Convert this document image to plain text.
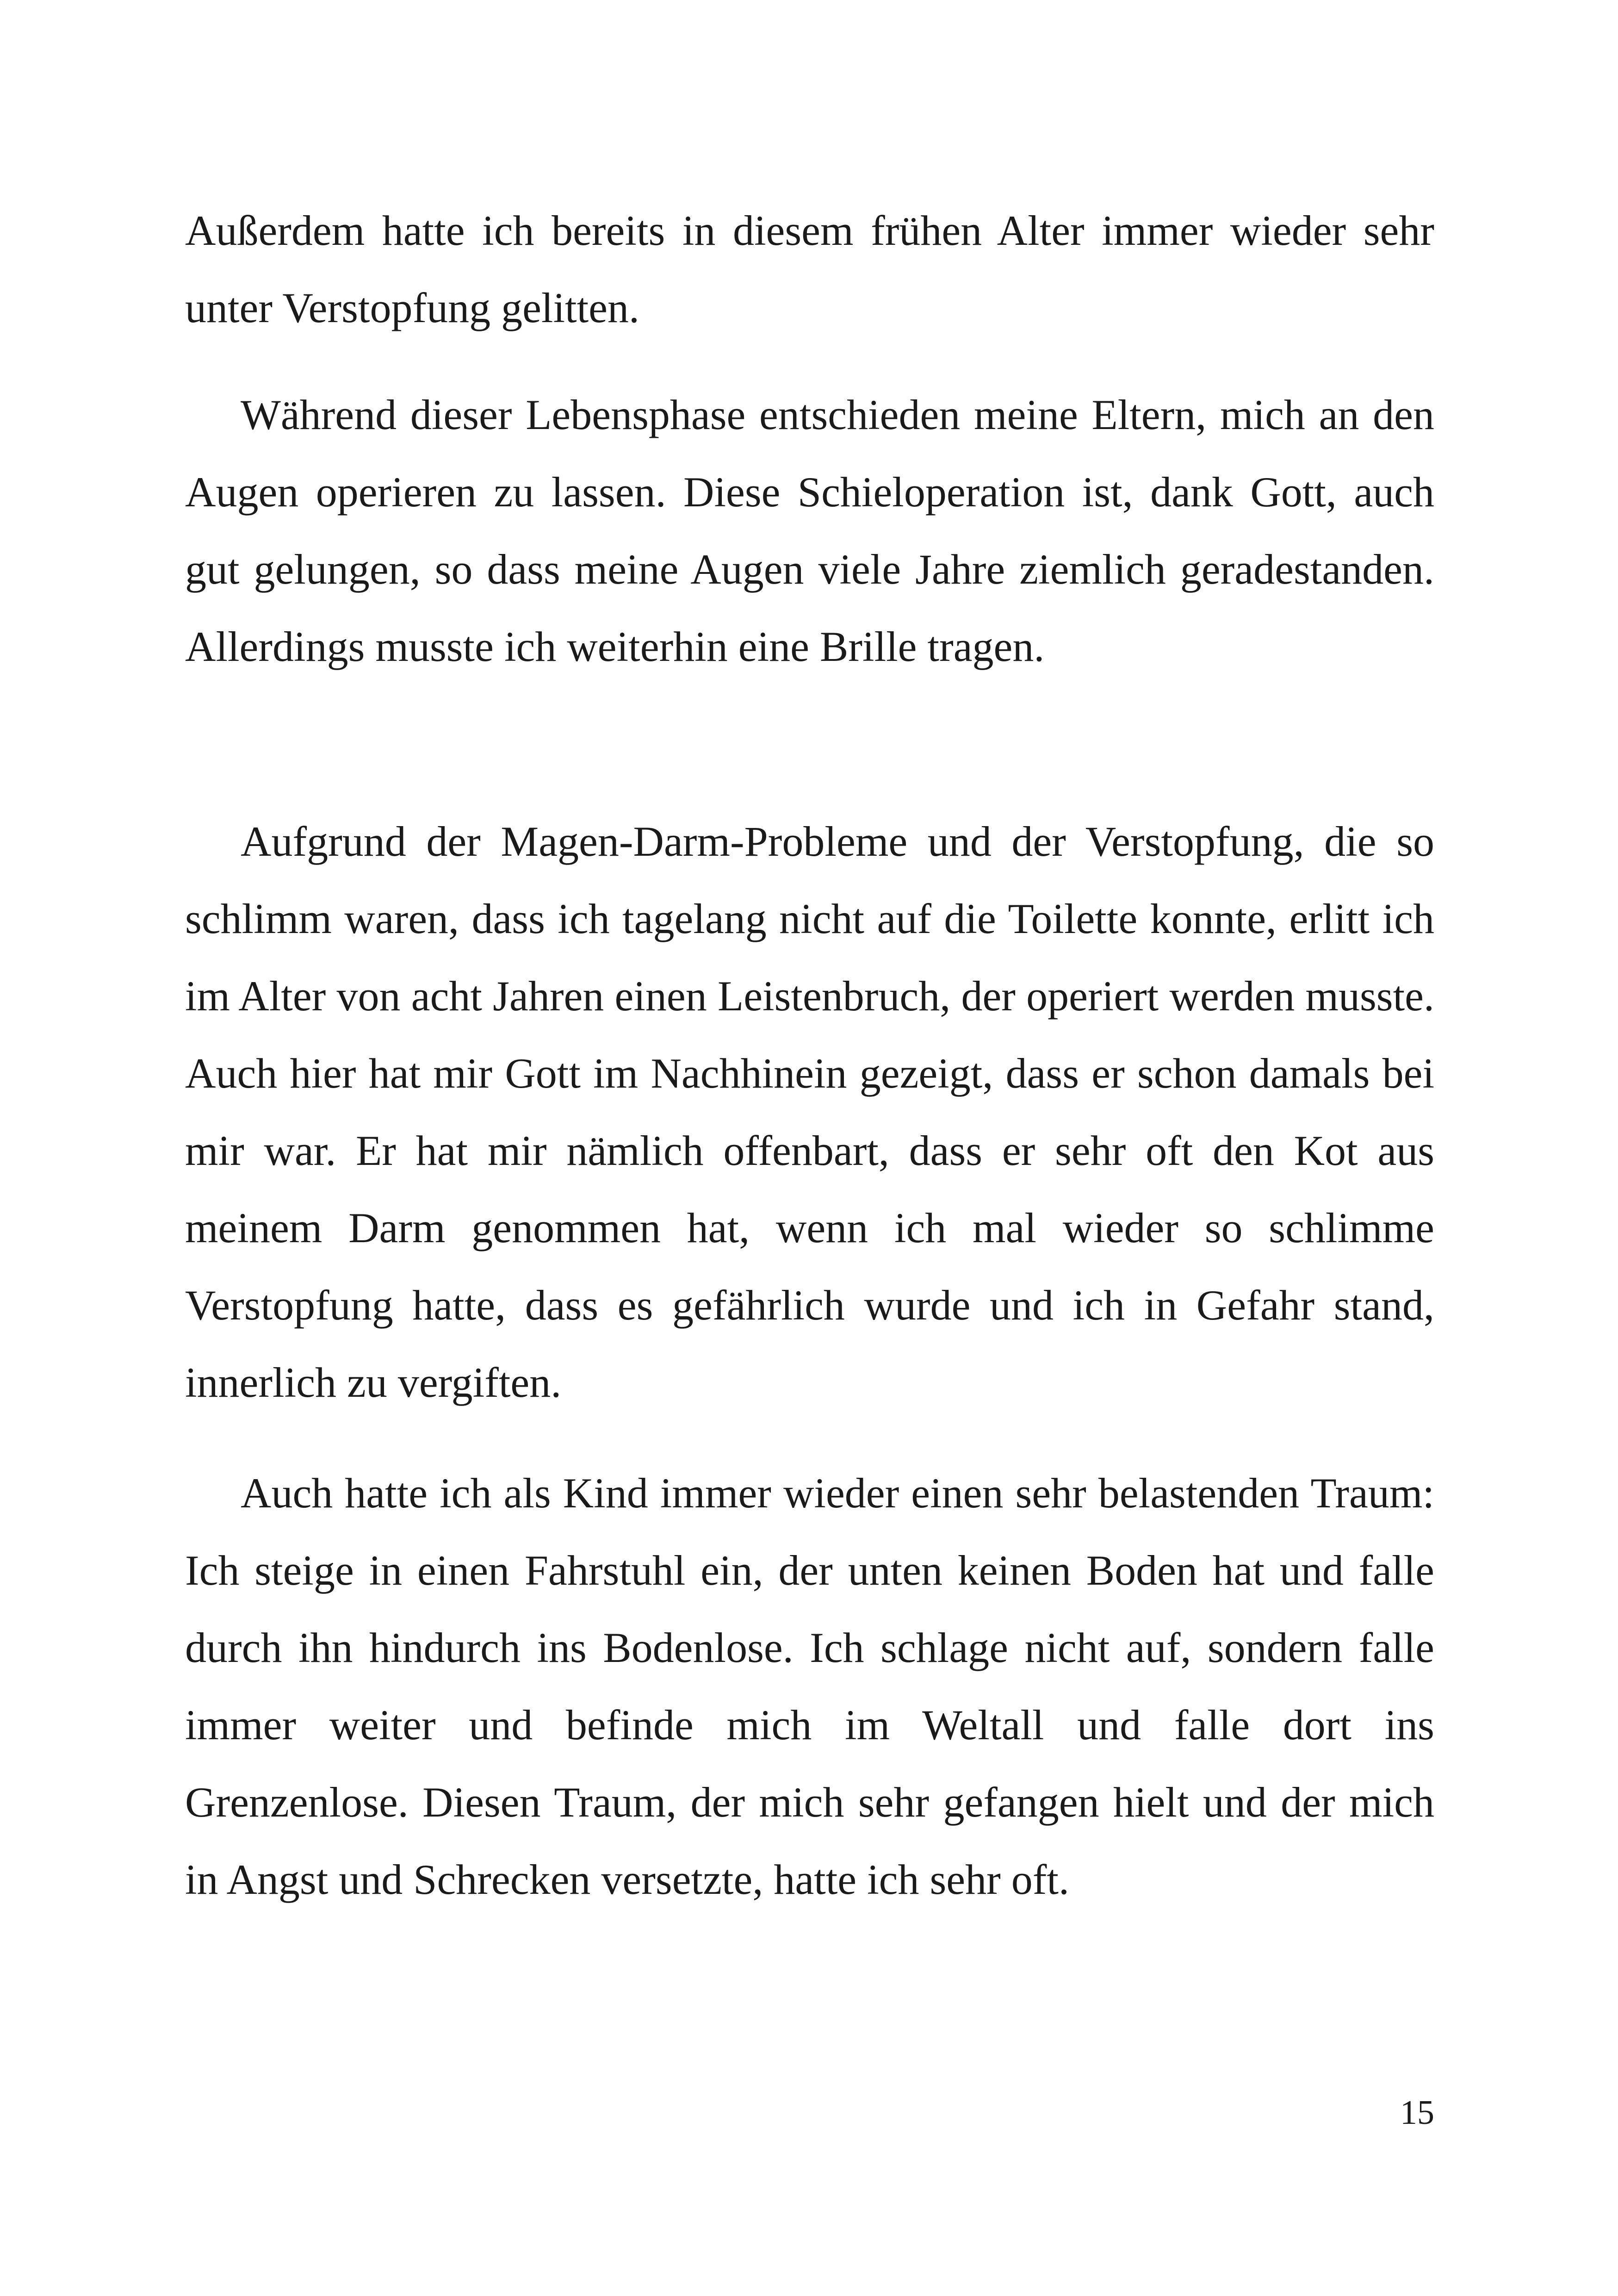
Außerdem hatte ich bereits in diesem frühen Alter immer wieder sehr unter Verstopfung gelitten.

Während dieser Lebensphase entschieden meine Eltern, mich an den Augen operieren zu lassen. Diese Schieloperation ist, dank Gott, auch gut gelungen, so dass meine Augen viele Jahre ziemlich geradestanden. Allerdings musste ich weiterhin eine Brille tragen.

Aufgrund der Magen-Darm-Probleme und der Verstopfung, die so schlimm waren, dass ich tagelang nicht auf die Toilette konnte, erlitt ich im Alter von acht Jahren einen Leistenbruch, der operiert werden musste. Auch hier hat mir Gott im Nachhinein gezeigt, dass er schon damals bei mir war. Er hat mir nämlich offenbart, dass er sehr oft den Kot aus meinem Darm genommen hat, wenn ich mal wieder so schlimme Verstopfung hatte, dass es gefährlich wurde und ich in Gefahr stand, innerlich zu vergiften.

Auch hatte ich als Kind immer wieder einen sehr belastenden Traum: Ich steige in einen Fahrstuhl ein, der unten keinen Boden hat und falle durch ihn hindurch ins Bodenlose. Ich schlage nicht auf, sondern falle immer weiter und befinde mich im Weltall und falle dort ins Grenzenlose. Diesen Traum, der mich sehr gefangen hielt und der mich in Angst und Schrecken versetzte, hatte ich sehr oft.

15
